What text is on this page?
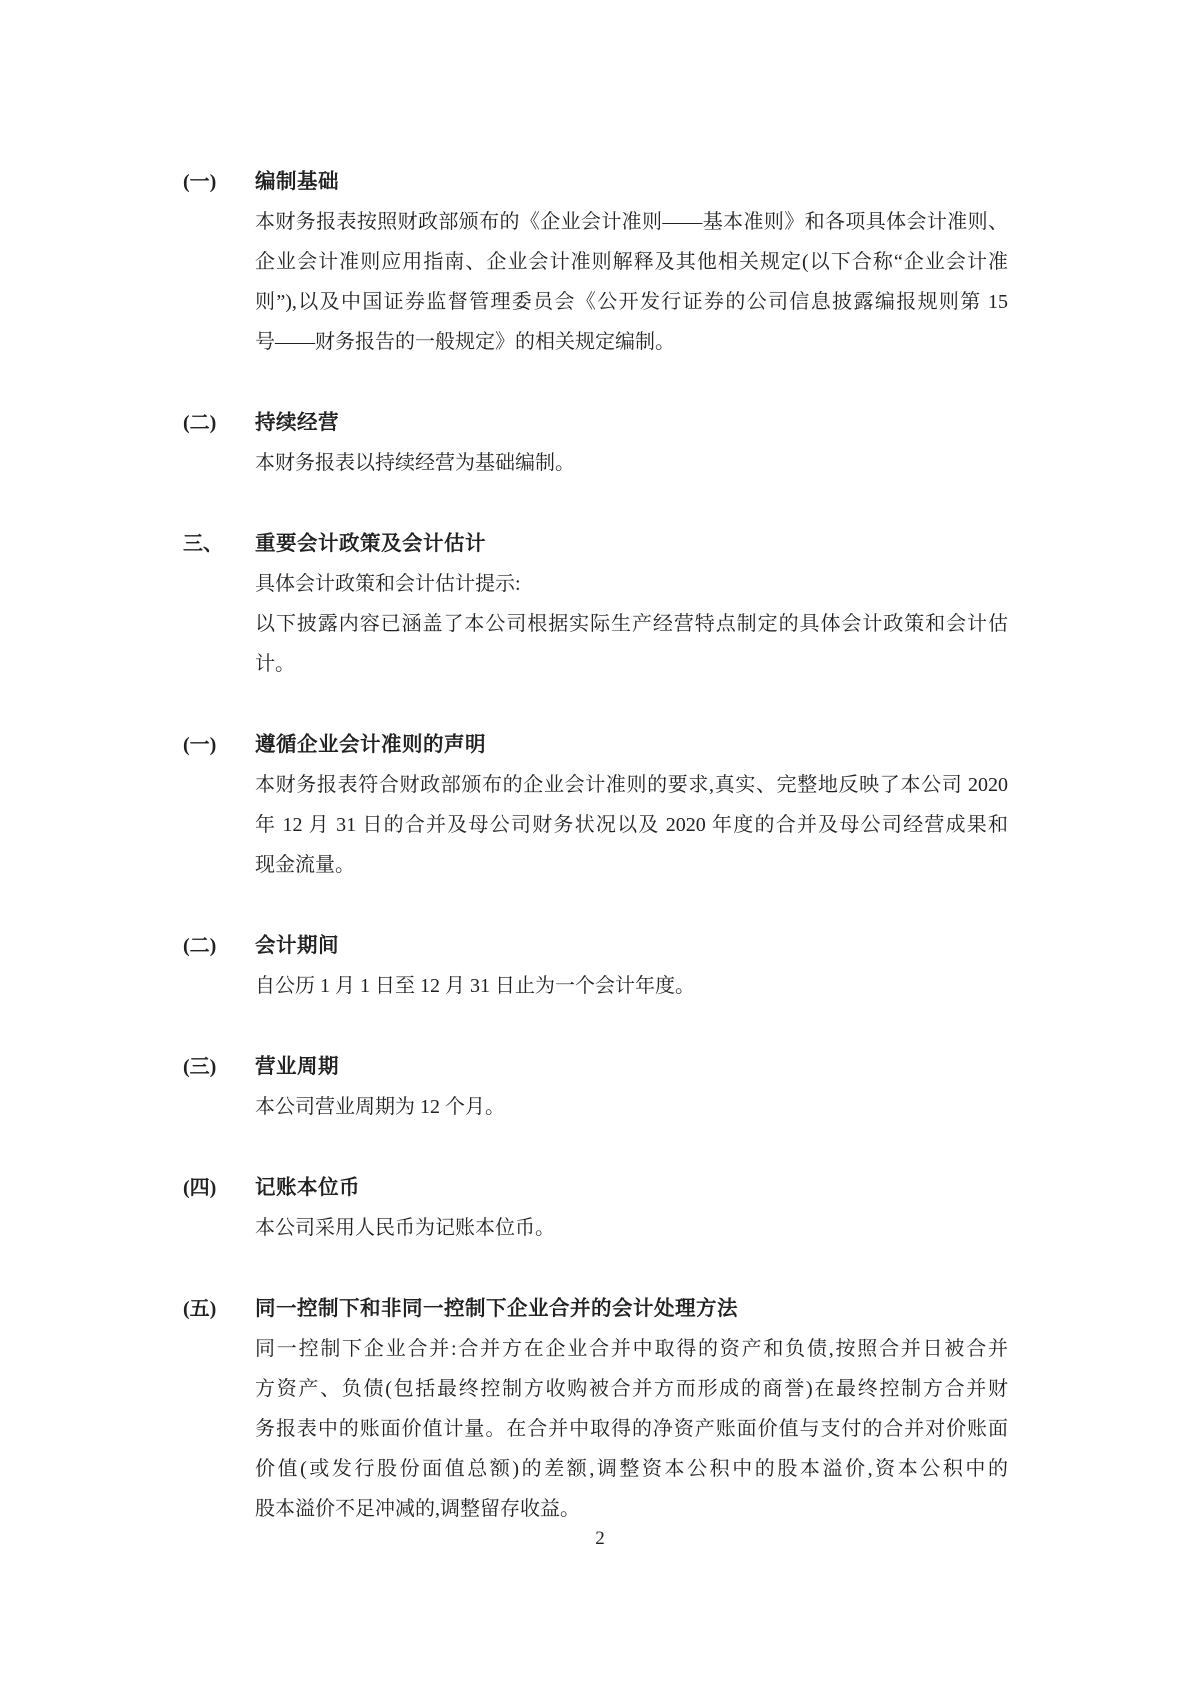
(一)	编制基础
本财务报表按照财政部颁布的《企业会计准则——基本准则》和各项具体会计准则、
企业会计准则应用指南、企业会计准则解释及其他相关规定(以下合称“企业会计准
则”),以及中国证券监督管理委员会《公开发行证券的公司信息披露编报规则第 15
号——财务报告的一般规定》的相关规定编制。
(二)	持续经营
本财务报表以持续经营为基础编制。
三、	重要会计政策及会计估计
具体会计政策和会计估计提示:
以下披露内容已涵盖了本公司根据实际生产经营特点制定的具体会计政策和会计估
计。
(一)	遵循企业会计准则的声明
本财务报表符合财政部颁布的企业会计准则的要求,真实、完整地反映了本公司 2020
年 12 月 31 日的合并及母公司财务状况以及 2020 年度的合并及母公司经营成果和
现金流量。
(二)	会计期间
自公历 1 月 1 日至 12 月 31 日止为一个会计年度。
(三)	营业周期
本公司营业周期为 12 个月。
(四)	记账本位币
本公司采用人民币为记账本位币。
(五)	同一控制下和非同一控制下企业合并的会计处理方法
同一控制下企业合并:合并方在企业合并中取得的资产和负债,按照合并日被合并
方资产、负债(包括最终控制方收购被合并方而形成的商誉)在最终控制方合并财
务报表中的账面价值计量。在合并中取得的净资产账面价值与支付的合并对价账面
价值(或发行股份面值总额)的差额,调整资本公积中的股本溢价,资本公积中的
股本溢价不足冲减的,调整留存收益。
2
